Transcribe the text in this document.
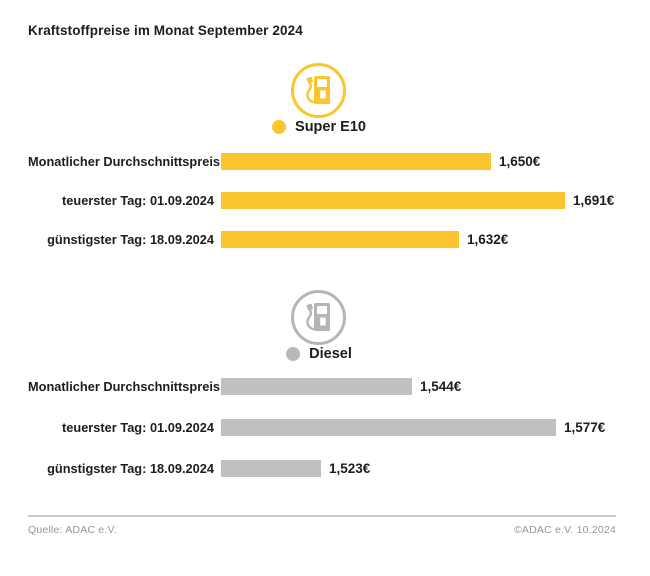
Kraftstoffpreise im Monat September 2024
Super E10
Monatlicher Durchschnittspreis	1,650€
teuerster Tag: 01.09.2024	1,691€
günstigster Tag: 18.09.2024	1,632€
Diesel
Monatlicher Durchschnittspreis	1,544€
teuerster Tag: 01.09.2024	1,577€
günstigster Tag: 18.09.2024	1,523€
Quelle: ADAC e.V.	©ADAC e.V. 10.2024
